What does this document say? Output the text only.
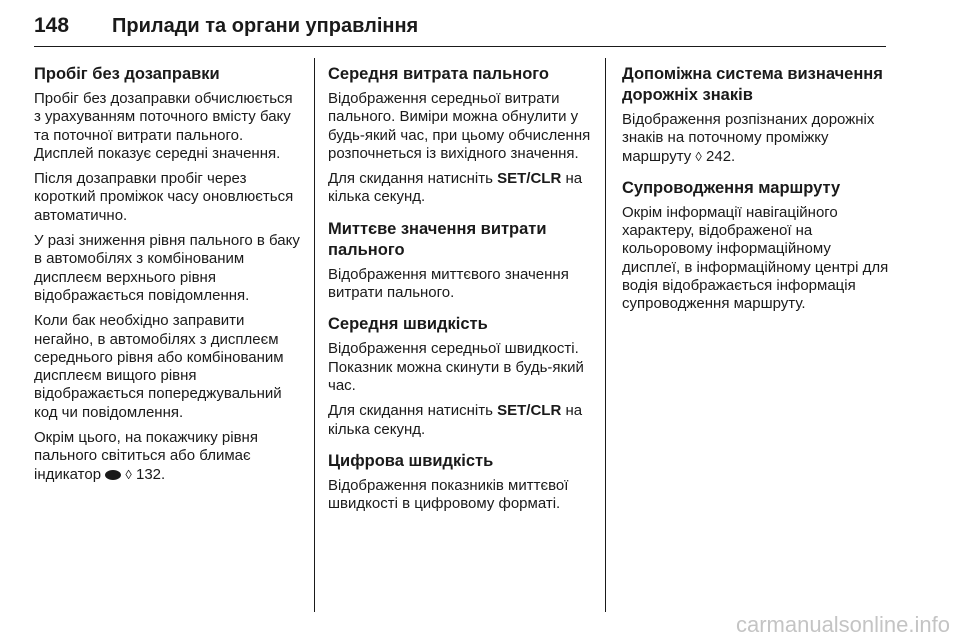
148 Прилади та органи управління
Пробіг без дозаправки

Пробіг без дозаправки обчислюється з урахуванням поточного вмісту баку та поточної витрати пального. Дисплей показує середні значення.

Після дозаправки пробіг через короткий проміжок часу оновлюється автоматично.

У разі зниження рівня пального в баку в автомобілях з комбінованим дисплеєм верхнього рівня відображається повідомлення.

Коли бак необхідно заправити негайно, в автомобілях з дисплеєм середнього рівня або комбінованим дисплеєм вищого рівня відображається попереджувальний код чи повідомлення.

Окрім цього, на покажчику рівня пального світиться або блимає індикатор ◊ 132.

Середня витрата пального

Відображення середньої витрати пального. Виміри можна обнулити у будь-який час, при цьому обчислення розпочнеться із вихідного значення.

Для скидання натисніть SET/CLR на кілька секунд.

Миттєве значення витрати пального

Відображення миттєвого значення витрати пального.

Середня швидкість

Відображення середньої швидкості. Показник можна скинути в будь-який час.

Для скидання натисніть SET/CLR на кілька секунд.

Цифрова швидкість

Відображення показників миттєвої швидкості в цифровому форматі.

Допоміжна система визначення дорожніх знаків

Відображення розпізнаних дорожніх знаків на поточному проміжку маршруту ◊ 242.

Супроводження маршруту

Окрім інформації навігаційного характеру, відображеної на кольоровому інформаційному дисплеї, в інформаційному центрі для водія відображається інформація супроводження маршруту.

carmanualsonline.info
